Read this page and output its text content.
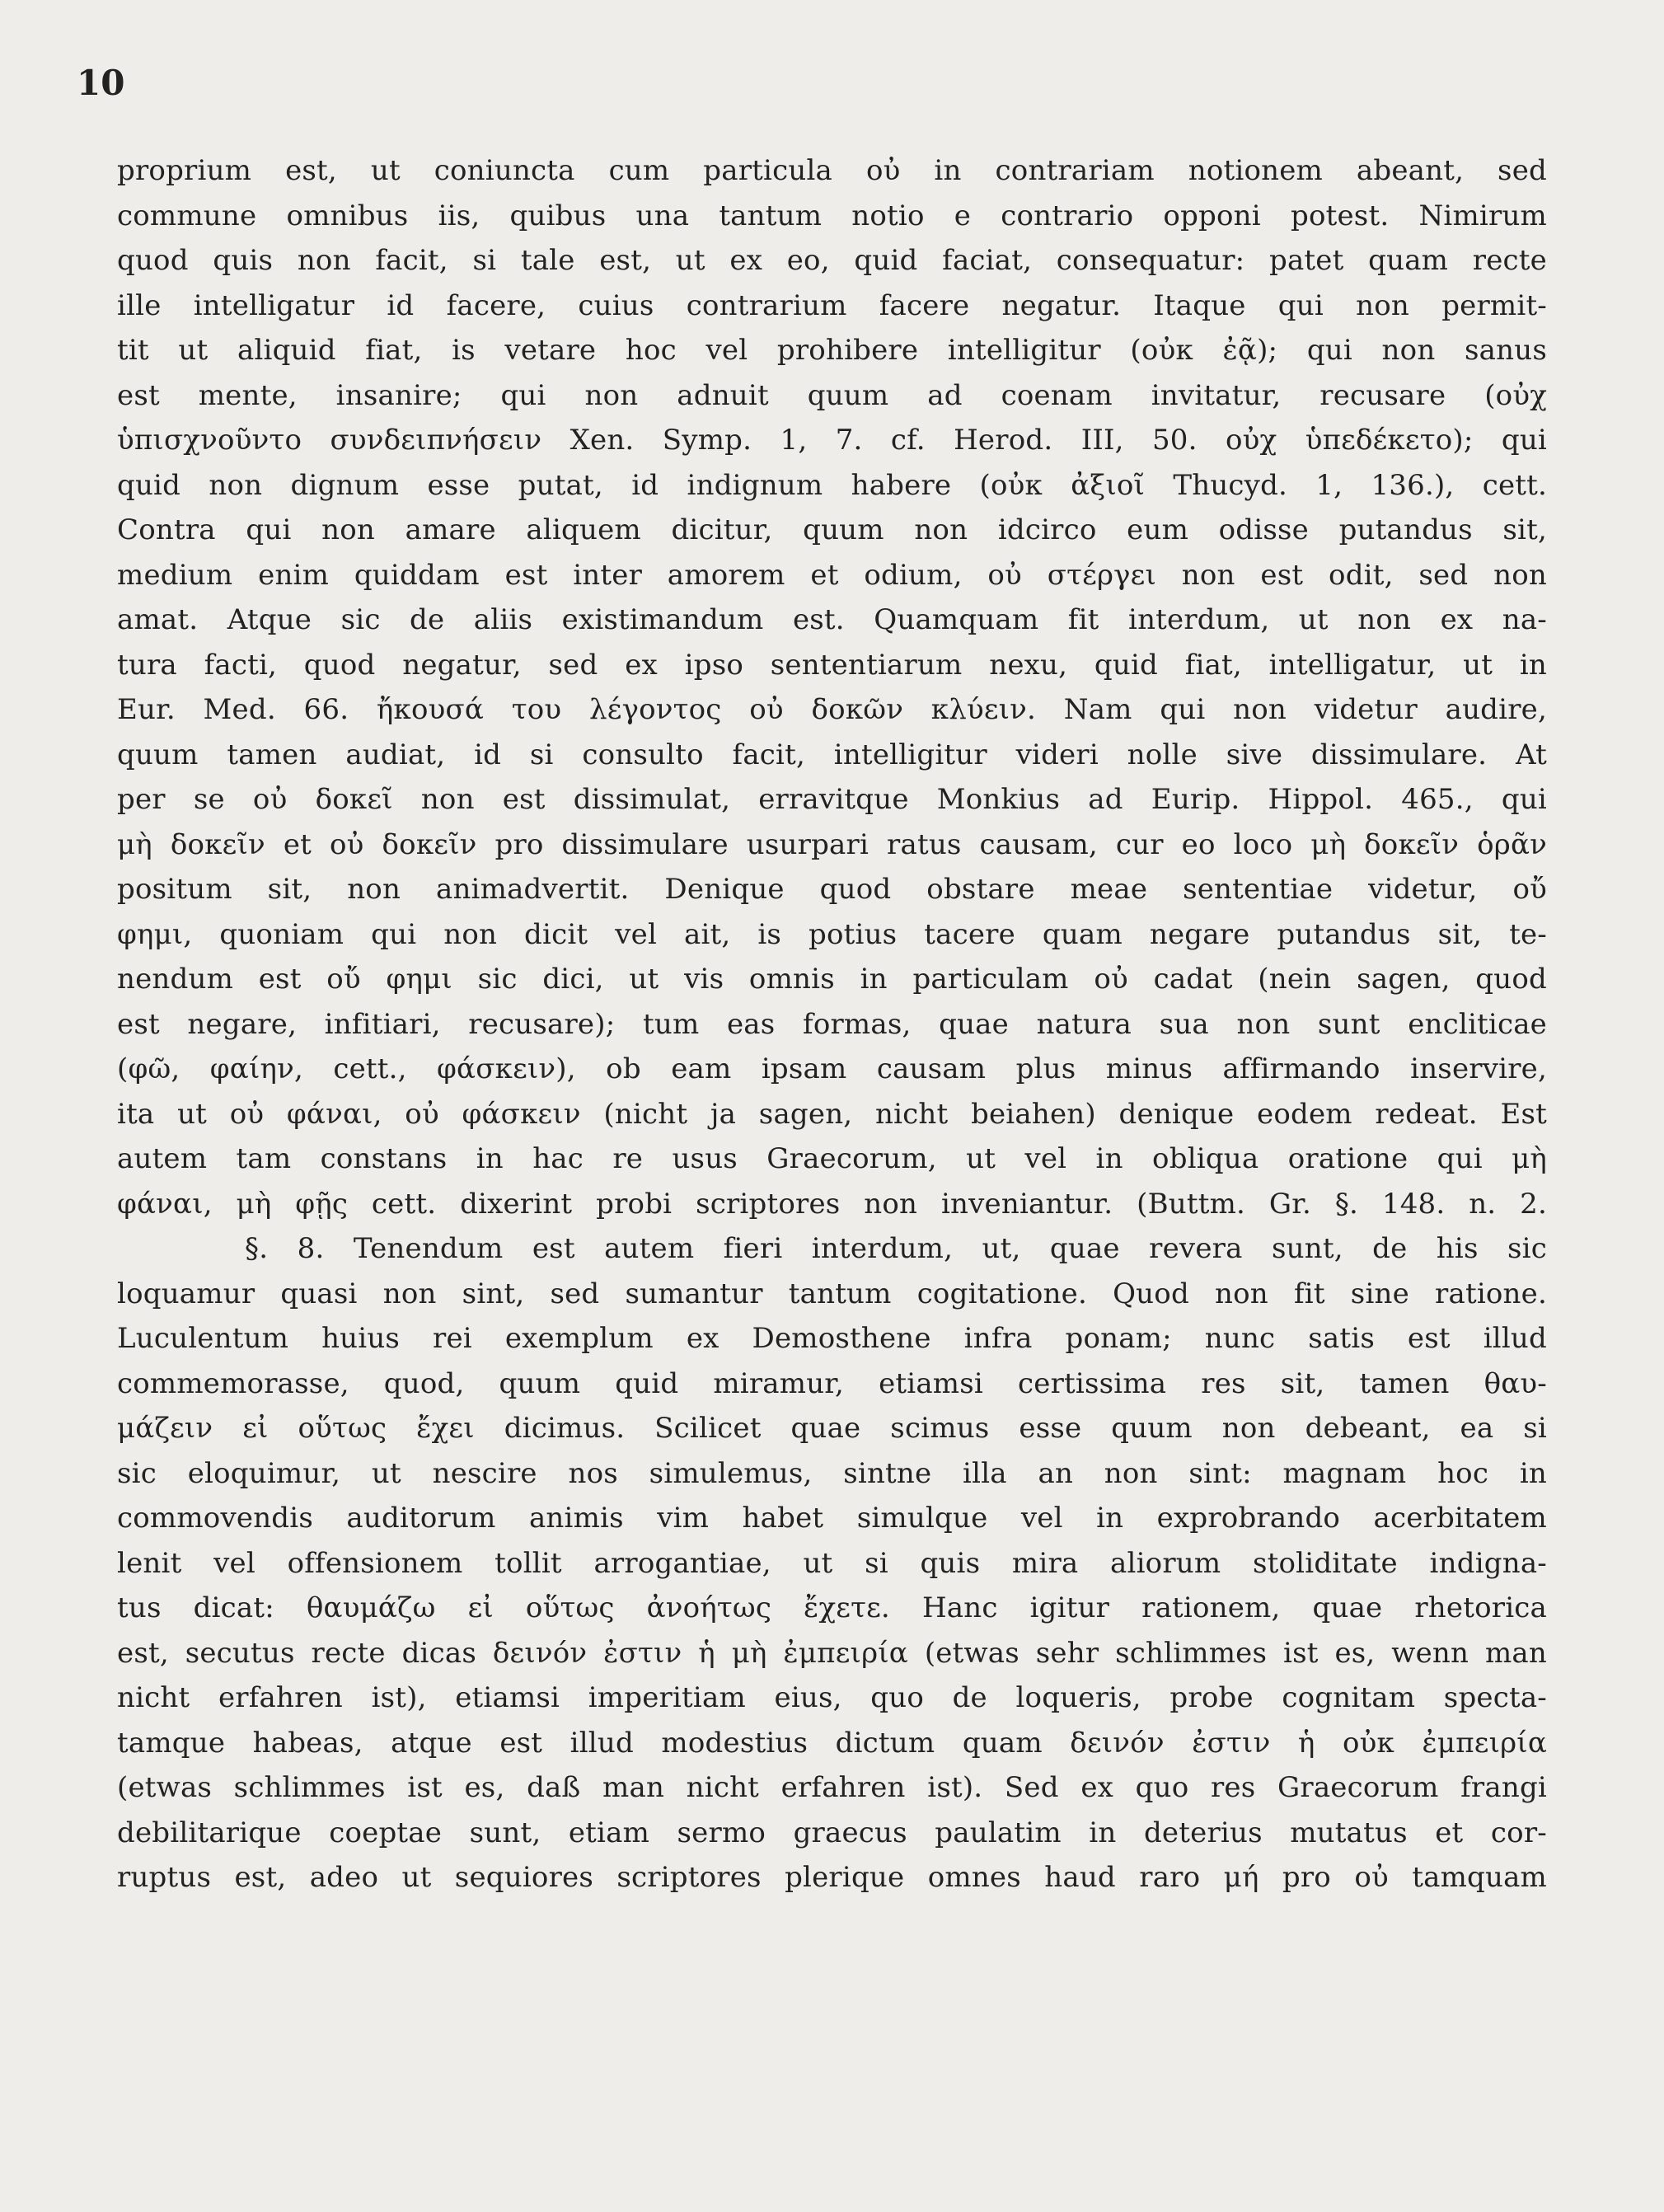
10
proprium est, ut coniuncta cum particula οὐ in contrariam notionem abeant, sed
commune omnibus iis, quibus una tantum notio e contrario opponi potest. Nimirum
quod quis non facit, si tale est, ut ex eo, quid faciat, consequatur: patet quam recte
ille intelligatur id facere, cuius contrarium facere negatur. Itaque qui non permit-
tit ut aliquid fiat, is vetare hoc vel prohibere intelligitur (οὐκ ἐᾷ); qui non sanus
est mente, insanire; qui non adnuit quum ad coenam invitatur, recusare (οὐχ
ὑπισχνοῦντο συνδειπνήσειν Xen. Symp. 1, 7. cf. Herod. III, 50. οὐχ ὑπεδέκετο); qui
quid non dignum esse putat, id indignum habere (οὐκ ἀξιοῖ Thucyd. 1, 136.), cett.
Contra qui non amare aliquem dicitur, quum non idcirco eum odisse putandus sit,
medium enim quiddam est inter amorem et odium, οὐ στέργει non est odit, sed non
amat. Atque sic de aliis existimandum est. Quamquam fit interdum, ut non ex na-
tura facti, quod negatur, sed ex ipso sententiarum nexu, quid fiat, intelligatur, ut in
Eur. Med. 66. ἤκουσά του λέγοντος οὐ δοκῶν κλύειν. Nam qui non videtur audire,
quum tamen audiat, id si consulto facit, intelligitur videri nolle sive dissimulare. At
per se οὐ δοκεῖ non est dissimulat, erravitque Monkius ad Eurip. Hippol. 465., qui
μὴ δοκεῖν et οὐ δοκεῖν pro dissimulare usurpari ratus causam, cur eo loco μὴ δοκεῖν ὁρᾶν
positum sit, non animadvertit. Denique quod obstare meae sententiae videtur, οὔ
φημι, quoniam qui non dicit vel ait, is potius tacere quam negare putandus sit, te-
nendum est οὔ φημι sic dici, ut vis omnis in particulam οὐ cadat (nein sagen, quod
est negare, infitiari, recusare); tum eas formas, quae natura sua non sunt encliticae
(φῶ, φαίην, cett., φάσκειν), ob eam ipsam causam plus minus affirmando inservire,
ita ut οὐ φάναι, οὐ φάσκειν (nicht ja sagen, nicht beiahen) denique eodem redeat. Est
autem tam constans in hac re usus Graecorum, ut vel in obliqua oratione qui μὴ
φάναι, μὴ φῇς cett. dixerint probi scriptores non inveniantur. (Buttm. Gr. §. 148. n. 2.
§. 8. Tenendum est autem fieri interdum, ut, quae revera sunt, de his sic
loquamur quasi non sint, sed sumantur tantum cogitatione. Quod non fit sine ratione.
Luculentum huius rei exemplum ex Demosthene infra ponam; nunc satis est illud
commemorasse, quod, quum quid miramur, etiamsi certissima res sit, tamen θαυ-
μάζειν εἰ οὕτως ἔχει dicimus. Scilicet quae scimus esse quum non debeant, ea si
sic eloquimur, ut nescire nos simulemus, sintne illa an non sint: magnam hoc in
commovendis auditorum animis vim habet simulque vel in exprobrando acerbitatem
lenit vel offensionem tollit arrogantiae, ut si quis mira aliorum stoliditate indigna-
tus dicat: θαυμάζω εἰ οὕτως ἀνοήτως ἔχετε. Hanc igitur rationem, quae rhetorica
est, secutus recte dicas δεινόν ἐστιν ἡ μὴ ἐμπειρία (etwas sehr schlimmes ist es, wenn man
nicht erfahren ist), etiamsi imperitiam eius, quo de loqueris, probe cognitam specta-
tamque habeas, atque est illud modestius dictum quam δεινόν ἐστιν ἡ οὐκ ἐμπειρία
(etwas schlimmes ist es, daß man nicht erfahren ist). Sed ex quo res Graecorum frangi
debilitarique coeptae sunt, etiam sermo graecus paulatim in deterius mutatus et cor-
ruptus est, adeo ut sequiores scriptores plerique omnes haud raro μή pro οὐ tamquam
